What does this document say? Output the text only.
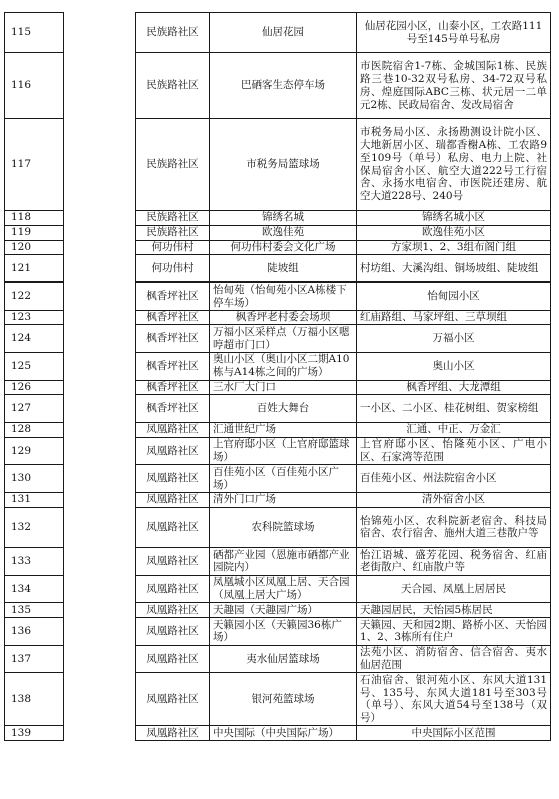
115		民族路社区	仙居花园	仙居花园小区，山泰小区，工农路111号至145号单号私房
116		民族路社区	巴硒客生态停车场	市医院宿舍1-7栋、金城国际1栋、民族路三巷10-32双号私房、34-72双号私房、煌庭国际ABC三栋、状元居一二单元2栋、民政局宿舍、发改局宿舍
117		民族路社区	市税务局篮球场	市税务局小区、永扬勘测设计院小区、大地新居小区、瑞都香榭A栋、工农路9至109号（单号）私房、电力上院、社保局宿舍小区、航空大道222号工行宿舍、永扬水电宿舍、市医院还建房、航空大道228号、240号
118		民族路社区	锦绣名城	锦绣名城小区
119		民族路社区	欧逸佳苑	欧逸佳苑小区
120		何功伟村	何功伟村委会文化广场	方家坝1、2、3组布阁门组
121		何功伟村	陡坡组	村坊组、大溪沟组、铜场坡组、陡坡组
122		枫香坪社区	怡甸苑（怡甸苑小区A栋楼下停车场）	怡甸园小区
123		枫香坪社区	枫香坪老村委会场坝	红庙路组、马家坪组、三草坝组
124		枫香坪社区	万福小区采样点（万福小区嗯哼超市门口）	万福小区
125		枫香坪社区	奥山小区（奥山小区二期A10栋与A14栋之间的广场）	奥山小区
126		枫香坪社区	三水厂大门口	枫香坪组、大龙潭组
127		枫香坪社区	百姓大舞台	一小区、二小区、桂花树组、贺家榜组
128		凤凰路社区	汇通世纪广场	汇通、中正、万金汇
129		凤凰路社区	上官府邸小区（上官府邸篮球场）	上官府邸小区、怡隆苑小区、广电小区、石家湾等范围
130		凤凰路社区	百佳苑小区（百佳苑小区广场）	百佳苑小区、州法院宿舍小区
131		凤凰路社区	清外门口广场	清外宿舍小区
132		凤凰路社区	农科院篮球场	怡锦苑小区、农科院新老宿舍、科技局宿舍、农行宿舍、施州大道三巷散户等
133		凤凰路社区	硒都产业园（恩施市硒都产业园院内）	怡江语城、盛芳花园、税务宿舍、红庙老街散户、红庙散户等
134		凤凰路社区	凤凰城小区凤凰上居、天合园（凤凰上居大广场）	天合园、凤凰上居居民
135		凤凰路社区	天趣园（天趣园广场）	天趣园居民，天怡园5栋居民
136		凤凰路社区	天籁园小区（天籁园36栋广场）	天籁园、天和园2期、路桥小区、天怡园1、2、3栋所有住户
137		凤凰路社区	夷水仙居篮球场	法苑小区、消防宿舍、信合宿舍、夷水仙居范围
138		凤凰路社区	银河苑篮球场	石油宿舍、银河苑小区、东风大道131号、135号、东风大道181号至303号（单号）、东风大道54号至138号（双号）
139		凤凰路社区	中央国际（中央国际广场）	中央国际小区范围
